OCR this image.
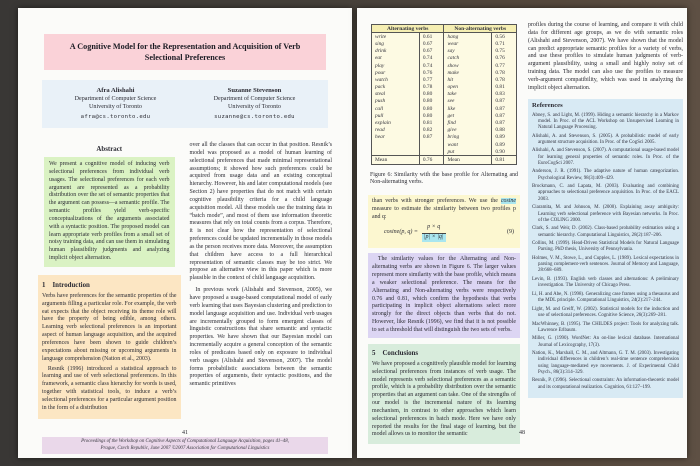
A Cognitive Model for the Representation and Acquisition of Verb Selectional Preferences
Afra Alishahi
Department of Computer Science
University of Toronto
afra@cs.toronto.edu
Suzanne Stevenson
Department of Computer Science
University of Toronto
suzanne@cs.toronto.edu
Abstract
We present a cognitive model of inducing verb selectional preferences from individual verb usages. The selectional preferences for each verb argument are represented as a probability distribution over the set of semantic properties that the argument can possess—a semantic profile. The semantic profiles yield verb-specific conceptualizations of the arguments associated with a syntactic position. The proposed model can learn appropriate verb profiles from a small set of noisy training data, and can use them in simulating human plausibility judgments and analyzing implicit object alternation.
1 Introduction
Verbs have preferences for the semantic properties of the arguments filling a particular role. For example, the verb eat expects that the object receiving its theme role will have the property of being edible, among others. Learning verb selectional preferences is an important aspect of human language acquisition, and the acquired preferences have been shown to guide children’s expectations about missing or upcoming arguments in language comprehension (Nation et al., 2003).
Resnik (1996) introduced a statistical approach to learning and use of verb selectional preferences. In this framework, a semantic class hierarchy for words is used, together with statistical tools, to induce a verb’s selectional preferences for a particular argument position in the form of a distribution
over all the classes that can occur in that position. Resnik’s model was proposed as a model of human learning of selectional preferences that made minimal representational assumptions; it showed how such preferences could be acquired from usage data and an existing conceptual hierarchy. However, his and later computational models (see Section 2) have properties that do not match with certain cognitive plausibility criteria for a child language acquisition model. All these models use the training data in “batch mode”, and most of them use information theoretic measures that rely on total counts from a corpus. Therefore, it is not clear how the representation of selectional preferences could be updated incrementally in those models as the person receives more data. Moreover, the assumption that children have access to a full hierarchical representation of semantic classes may be too strict. We propose an alternative view in this paper which is more plausible in the context of child language acquisition.
In previous work (Alishahi and Stevenson, 2005), we have proposed a usage-based computational model of early verb learning that uses Bayesian clustering and prediction to model language acquisition and use. Individual verb usages are incrementally grouped to form emergent classes of linguistic constructions that share semantic and syntactic properties. We have shown that our Bayesian model can incrementally acquire a general conception of the semantic roles of predicates based only on exposure to individual verb usages (Alishahi and Stevenson, 2007). The model forms probabilistic associations between the semantic properties of arguments, their syntactic positions, and the semantic primitives
41
Proceedings of the Workshop on Cognitive Aspects of Computational Language Acquisition, pages 41–48,
Prague, Czech Republic, June 2007 ©2007 Association for Computational Linguistics
Alternating verbs		Non-alternating verbs	
write	0.61	hang	0.56
sing	0.67	wear	0.71
drink	0.67	say	0.75
eat	0.74	catch	0.76
play	0.74	show	0.77
pour	0.76	make	0.78
watch	0.77	hit	0.78
pack	0.78	open	0.81
steal	0.80	take	0.83
push	0.80	see	0.87
call	0.80	like	0.87
pull	0.80	get	0.87
explain	0.81	find	0.87
read	0.82	give	0.88
hear	0.87	bring	0.89
		want	0.89
		put	0.90
Mean	0.76	Mean	0.81
Figure 6: Similarity with the base profile for Alternating and Non-alternating verbs.
than verbs with stronger preferences. We use the cosine measure to estimate the similarity between two profiles p and q:
cosine(p, $q) = \frac{p \times q}{|p| \times |q|}$	(9)
The similarity values for the Alternating and Non-alternating verbs are shown in Figure 6. The larger values represent more similarity with the base profile, which means a weaker selectional preference. The means for the Alternating and Non-alternating verbs were respectively 0.76 and 0.81, which confirm the hypothesis that verbs participating in implicit object alternations select more strongly for the direct objects than verbs that do not. However, like Resnik (1996), we find that it is not possible to set a threshold that will distinguish the two sets of verbs.
5 Conclusions
We have proposed a cognitively plausible model for learning selectional preferences from instances of verb usage. The model represents verb selectional preferences as a semantic profile, which is a probability distribution over the semantic properties that an argument can take. One of the strengths of our model is the incremental nature of its learning mechanism, in contrast to other approaches which learn selectional preferences in batch mode. Here we have only reported the results for the final stage of learning, but the model allows us to monitor the semantic
profiles during the course of learning, and compare it with child data for different age groups, as we do with semantic roles (Alishahi and Stevenson, 2007). We have shown that the model can predict appropriate semantic profiles for a variety of verbs, and use these profiles to simulate human judgments of verb-argument plausibility, using a small and highly noisy set of training data. The model can also use the profiles to measure verb-argument compatibility, which was used in analyzing the implicit object alternation.
References
Abney, S. and Light, M. (1999). Hiding a semantic hierarchy in a Markov model. In Proc. of the ACL Workshop on Unsupervised Learning in Natural Language Processing.
Alishahi, A. and Stevenson, S. (2005). A probabilistic model of early argument structure acquisition. In Proc. of the CogSci 2005.
Alishahi, A. and Stevenson, S. (2007). A computational usage-based model for learning general properties of semantic roles. In Proc. of the EuroCogSci 2007.
Anderson, J. R. (1991). The adaptive nature of human categorization. Psychological Review, 98(3):409–429.
Brockmann, C. and Lapata, M. (2003). Evaluating and combining approaches to selectional preference acquisition. In Proc. of the EACL 2003.
Ciaramita, M. and Johnson, M. (2000). Explaining away ambiguity: Learning verb selectional preference with Bayesian networks. In Proc. of the COLING 2000.
Clark, S. and Weir, D. (2002). Class-based probability estimation using a semantic hierarchy. Computational Linguistics, 28(2):187–206.
Collins, M. (1999). Head-Driven Statistical Models for Natural Language Parsing. PhD thesis, University of Pennsylvania.
Holmes, V. M., Stowe, L., and Cupples, L. (1989). Lexical expectations in parsing complement-verb sentences. Journal of Memory and Language, 28:668–689.
Levin, B. (1993). English verb classes and alternations: A preliminary investigation. The University of Chicago Press.
Li, H. and Abe, N. (1998). Generalizing case frames using a thesaurus and the MDL principle. Computational Linguistics, 24(2):217–244.
Light, M. and Greiff, W. (2002). Statistical models for the induction and use of selectional preferences. Cognitive Science, 26(3):269–281.
MacWhinney, B. (1995). The CHILDES project: Tools for analyzing talk. Lawrence Erlbaum.
Miller, G. (1990). WordNet: An on-line lexical database. International Journal of Lexicography, 17(3).
Nation, K., Marshall, C. M., and Altmann, G. T. M. (2003). Investigating individual differences in children’s real-time sentence comprehension using language-mediated eye movements. J. of Experimental Child Psych., 86(3):314–329.
Resnik, P. (1996). Selectional constraints: An information-theoretic model and its computational realization. Cognition, 61:127–199.
48
